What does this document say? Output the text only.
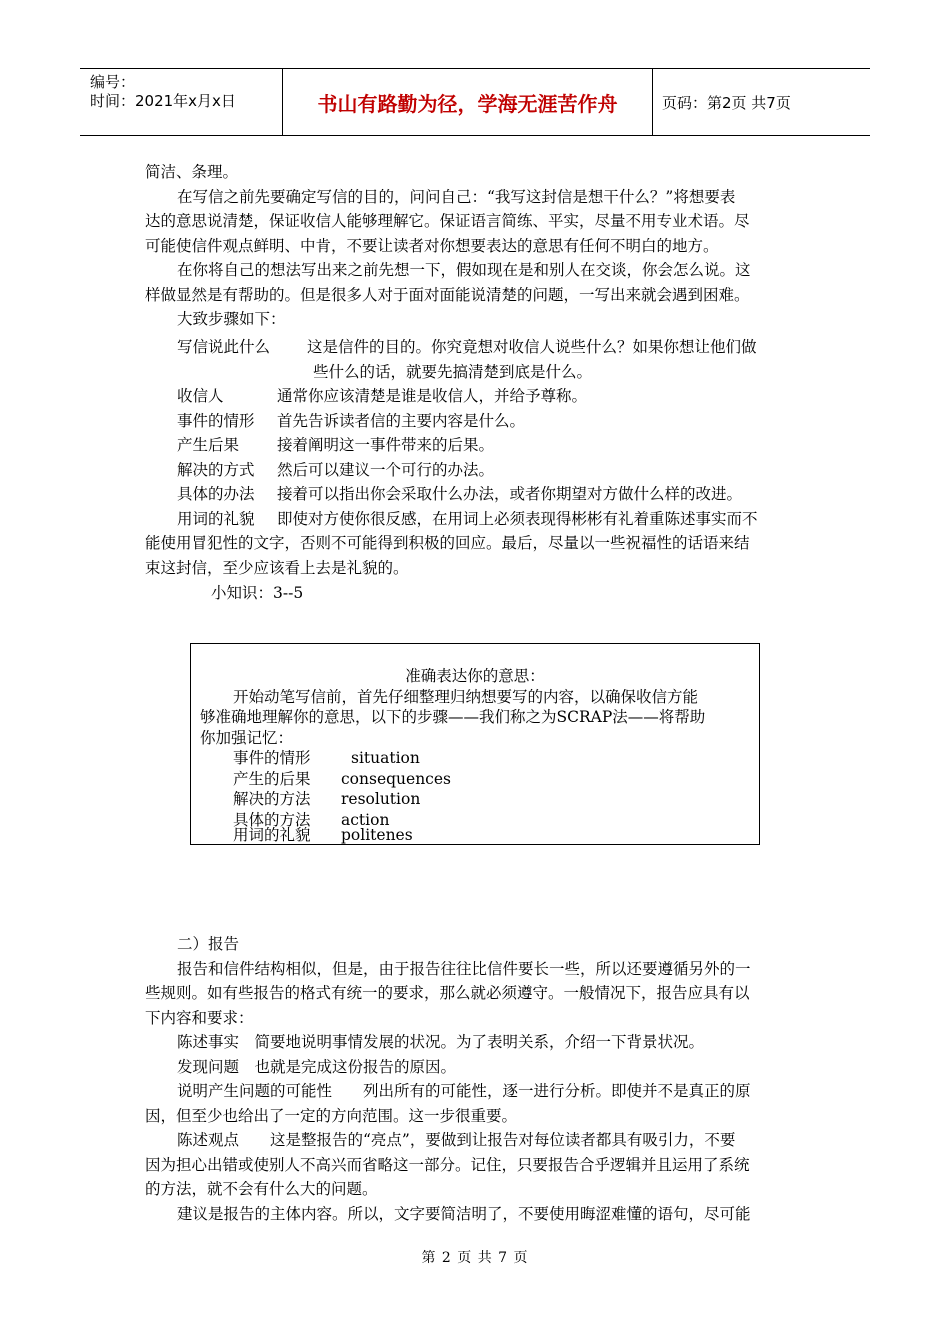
编号：
时间：2021年x月x日	书山有路勤为径，学海无涯苦作舟	页码：第2页 共7页
简洁、条理。
在写信之前先要确定写信的目的，问问自己：“我写这封信是想干什么？”将想要表
达的意思说清楚，保证收信人能够理解它。保证语言简练、平实，尽量不用专业术语。尽
可能使信件观点鲜明、中肯，不要让读者对你想要表达的意思有任何不明白的地方。
在你将自己的想法写出来之前先想一下，假如现在是和别人在交谈，你会怎么说。这
样做显然是有帮助的。但是很多人对于面对面能说清楚的问题，一写出来就会遇到困难。
大致步骤如下：
写信说此什么 这是信件的目的。你究竟想对收信人说些什么？如果你想让他们做
些什么的话，就要先搞清楚到底是什么。
收信人	通常你应该清楚是谁是收信人，并给予尊称。
事件的情形 首先告诉读者信的主要内容是什么。
产生后果 接着阐明这一事件带来的后果。
解决的方式 然后可以建议一个可行的办法。
具体的办法 接着可以指出你会采取什么办法，或者你期望对方做什么样的改进。
用词的礼貌 即使对方使你很反感，在用词上必须表现得彬彬有礼着重陈述事实而不
能使用冒犯性的文字，否则不可能得到积极的回应。最后，尽量以一些祝福性的话语来结
束这封信，至少应该看上去是礼貌的。
小知识：3--5
准确表达你的意思：
开始动笔写信前，首先仔细整理归纳想要写的内容，以确保收信方能
够准确地理解你的意思，以下的步骤——我们称之为SCRAP法——将帮助
你加强记忆：
事件的情形	situation
产生的后果 consequences
解决的方法 resolution
具体的方法 action
用词的礼貌 politenes
二）报告
报告和信件结构相似，但是，由于报告往往比信件要长一些，所以还要遵循另外的一
些规则。如有些报告的格式有统一的要求，那么就必须遵守。一般情况下，报告应具有以
下内容和要求：
陈述事实　简要地说明事情发展的状况。为了表明关系，介绍一下背景状况。
发现问题　也就是完成这份报告的原因。
说明产生问题的可能性　　列出所有的可能性，逐一进行分析。即使并不是真正的原
因，但至少也给出了一定的方向范围。这一步很重要。
陈述观点　　这是整报告的“亮点”，要做到让报告对每位读者都具有吸引力，不要
因为担心出错或使别人不高兴而省略这一部分。记住，只要报告合乎逻辑并且运用了系统
的方法，就不会有什么大的问题。
建议是报告的主体内容。所以，文字要简洁明了，不要使用晦涩难懂的语句，尽可能
第 2 页 共 7 页
